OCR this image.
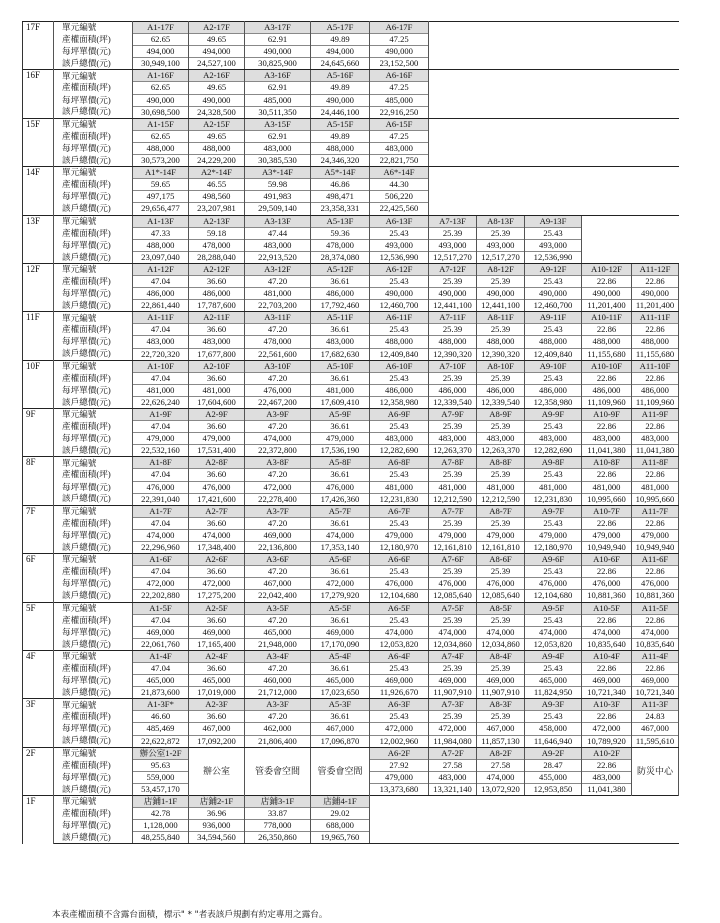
17F	單元編號	A1-17F	A2-17F	A3-17F	A5-17F	A6-17F					
	產權面積(坪)	62.65	49.65	62.91	49.89	47.25					
	每坪單價(元)	494,000	494,000	490,000	494,000	490,000					
	該戶總價(元)	30,949,100	24,527,100	30,825,900	24,645,660	23,152,500					
16F	單元編號	A1-16F	A2-16F	A3-16F	A5-16F	A6-16F					
	產權面積(坪)	62.65	49.65	62.91	49.89	47.25					
	每坪單價(元)	490,000	490,000	485,000	490,000	485,000					
	該戶總價(元)	30,698,500	24,328,500	30,511,350	24,446,100	22,916,250					
15F	單元編號	A1-15F	A2-15F	A3-15F	A5-15F	A6-15F					
	產權面積(坪)	62.65	49.65	62.91	49.89	47.25					
	每坪單價(元)	488,000	488,000	483,000	488,000	483,000					
	該戶總價(元)	30,573,200	24,229,200	30,385,530	24,346,320	22,821,750					
14F	單元編號	A1*-14F	A2*-14F	A3*-14F	A5*-14F	A6*-14F					
	產權面積(坪)	59.65	46.55	59.98	46.86	44.30					
	每坪單價(元)	497,175	498,560	491,983	498,471	506,220					
	該戶總價(元)	29,656,477	23,207,981	29,509,140	23,358,331	22,425,560					
13F	單元編號	A1-13F	A2-13F	A3-13F	A5-13F	A6-13F	A7-13F	A8-13F	A9-13F		
	產權面積(坪)	47.33	59.18	47.44	59.36	25.43	25.39	25.39	25.43		
	每坪單價(元)	488,000	478,000	483,000	478,000	493,000	493,000	493,000	493,000		
	該戶總價(元)	23,097,040	28,288,040	22,913,520	28,374,080	12,536,990	12,517,270	12,517,270	12,536,990		
12F	單元編號	A1-12F	A2-12F	A3-12F	A5-12F	A6-12F	A7-12F	A8-12F	A9-12F	A10-12F	A11-12F
	產權面積(坪)	47.04	36.60	47.20	36.61	25.43	25.39	25.39	25.43	22.86	22.86
	每坪單價(元)	486,000	486,000	481,000	486,000	490,000	490,000	490,000	490,000	490,000	490,000
	該戶總價(元)	22,861,440	17,787,600	22,703,200	17,792,460	12,460,700	12,441,100	12,441,100	12,460,700	11,201,400	11,201,400
11F	單元編號	A1-11F	A2-11F	A3-11F	A5-11F	A6-11F	A7-11F	A8-11F	A9-11F	A10-11F	A11-11F
	產權面積(坪)	47.04	36.60	47.20	36.61	25.43	25.39	25.39	25.43	22.86	22.86
	每坪單價(元)	483,000	483,000	478,000	483,000	488,000	488,000	488,000	488,000	488,000	488,000
	該戶總價(元)	22,720,320	17,677,800	22,561,600	17,682,630	12,409,840	12,390,320	12,390,320	12,409,840	11,155,680	11,155,680
10F	單元編號	A1-10F	A2-10F	A3-10F	A5-10F	A6-10F	A7-10F	A8-10F	A9-10F	A10-10F	A11-10F
	產權面積(坪)	47.04	36.60	47.20	36.61	25.43	25.39	25.39	25.43	22.86	22.86
	每坪單價(元)	481,000	481,000	476,000	481,000	486,000	486,000	486,000	486,000	486,000	486,000
	該戶總價(元)	22,626,240	17,604,600	22,467,200	17,609,410	12,358,980	12,339,540	12,339,540	12,358,980	11,109,960	11,109,960
9F	單元編號	A1-9F	A2-9F	A3-9F	A5-9F	A6-9F	A7-9F	A8-9F	A9-9F	A10-9F	A11-9F
	產權面積(坪)	47.04	36.60	47.20	36.61	25.43	25.39	25.39	25.43	22.86	22.86
	每坪單價(元)	479,000	479,000	474,000	479,000	483,000	483,000	483,000	483,000	483,000	483,000
	該戶總價(元)	22,532,160	17,531,400	22,372,800	17,536,190	12,282,690	12,263,370	12,263,370	12,282,690	11,041,380	11,041,380
8F	單元編號	A1-8F	A2-8F	A3-8F	A5-8F	A6-8F	A7-8F	A8-8F	A9-8F	A10-8F	A11-8F
	產權面積(坪)	47.04	36.60	47.20	36.61	25.43	25.39	25.39	25.43	22.86	22.86
	每坪單價(元)	476,000	476,000	472,000	476,000	481,000	481,000	481,000	481,000	481,000	481,000
	該戶總價(元)	22,391,040	17,421,600	22,278,400	17,426,360	12,231,830	12,212,590	12,212,590	12,231,830	10,995,660	10,995,660
7F	單元編號	A1-7F	A2-7F	A3-7F	A5-7F	A6-7F	A7-7F	A8-7F	A9-7F	A10-7F	A11-7F
	產權面積(坪)	47.04	36.60	47.20	36.61	25.43	25.39	25.39	25.43	22.86	22.86
	每坪單價(元)	474,000	474,000	469,000	474,000	479,000	479,000	479,000	479,000	479,000	479,000
	該戶總價(元)	22,296,960	17,348,400	22,136,800	17,353,140	12,180,970	12,161,810	12,161,810	12,180,970	10,949,940	10,949,940
6F	單元編號	A1-6F	A2-6F	A3-6F	A5-6F	A6-6F	A7-6F	A8-6F	A9-6F	A10-6F	A11-6F
	產權面積(坪)	47.04	36.60	47.20	36.61	25.43	25.39	25.39	25.43	22.86	22.86
	每坪單價(元)	472,000	472,000	467,000	472,000	476,000	476,000	476,000	476,000	476,000	476,000
	該戶總價(元)	22,202,880	17,275,200	22,042,400	17,279,920	12,104,680	12,085,640	12,085,640	12,104,680	10,881,360	10,881,360
5F	單元編號	A1-5F	A2-5F	A3-5F	A5-5F	A6-5F	A7-5F	A8-5F	A9-5F	A10-5F	A11-5F
	產權面積(坪)	47.04	36.60	47.20	36.61	25.43	25.39	25.39	25.43	22.86	22.86
	每坪單價(元)	469,000	469,000	465,000	469,000	474,000	474,000	474,000	474,000	474,000	474,000
	該戶總價(元)	22,061,760	17,165,400	21,948,000	17,170,090	12,053,820	12,034,860	12,034,860	12,053,820	10,835,640	10,835,640
4F	單元編號	A1-4F	A2-4F	A3-4F	A5-4F	A6-4F	A7-4F	A8-4F	A9-4F	A10-4F	A11-4F
	產權面積(坪)	47.04	36.60	47.20	36.61	25.43	25.39	25.39	25.43	22.86	22.86
	每坪單價(元)	465,000	465,000	460,000	465,000	469,000	469,000	469,000	465,000	469,000	469,000
	該戶總價(元)	21,873,600	17,019,000	21,712,000	17,023,650	11,926,670	11,907,910	11,907,910	11,824,950	10,721,340	10,721,340
3F	單元編號	A1-3F*	A2-3F	A3-3F	A5-3F	A6-3F	A7-3F	A8-3F	A9-3F	A10-3F	A11-3F
	產權面積(坪)	46.60	36.60	47.20	36.61	25.43	25.39	25.39	25.43	22.86	24.83
	每坪單價(元)	485,469	467,000	462,000	467,000	472,000	472,000	467,000	458,000	472,000	467,000
	該戶總價(元)	22,622,872	17,092,200	21,806,400	17,096,870	12,002,960	11,984,080	11,857,130	11,646,940	10,789,920	11,595,610
2F	單元編號	辦公室1-2F	辦公室	管委會空間	管委會空間	A6-2F	A7-2F	A8-2F	A9-2F	A10-2F	防災中心
	產權面積(坪)	95.63				27.92	27.58	27.58	28.47	22.86	
	每坪單價(元)	559,000				479,000	483,000	474,000	455,000	483,000	
	該戶總價(元)	53,457,170				13,373,680	13,321,140	13,072,920	12,953,850	11,041,380	
1F	單元編號	店鋪1-1F	店鋪2-1F	店鋪3-1F	店鋪4-1F						
	產權面積(坪)	42.78	36.96	33.87	29.02						
	每坪單價(元)	1,128,000	936,000	778,000	688,000						
	該戶總價(元)	48,255,840	34,594,560	26,350,860	19,965,760						
本表產權面積不含露台面積，標示" * "者表該戶規劃有約定專用之露台。
